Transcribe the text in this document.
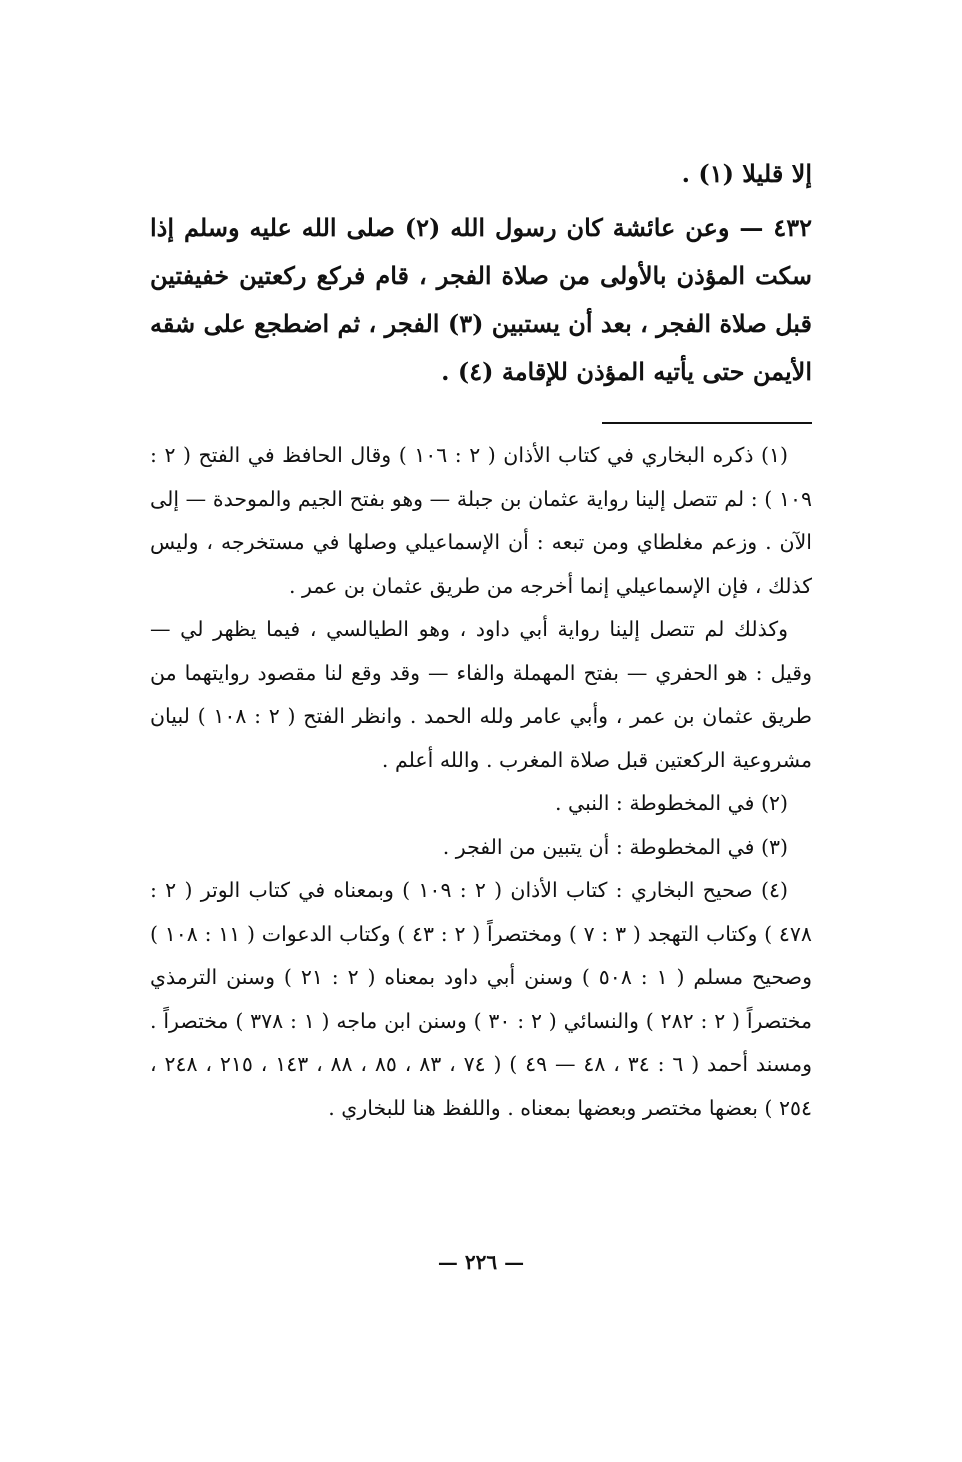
إلا قليلا (١) .

٤٣٢ — وعن عائشة كان رسول الله (٢) صلى الله عليه وسلم إذا سكت المؤذن بالأولى من صلاة الفجر ، قام فركع ركعتين خفيفتين قبل صلاة الفجر ، بعد أن يستبين (٣) الفجر ، ثم اضطجع على شقه الأيمن حتى يأتيه المؤذن للإقامة (٤) .

(١) ذكره البخاري في كتاب الأذان ( ٢ : ١٠٦ ) وقال الحافظ في الفتح ( ٢ : ١٠٩ ) : لم تتصل إلينا رواية عثمان بن جبلة — وهو بفتح الجيم والموحدة — إلى الآن . وزعم مغلطاي ومن تبعه : أن الإسماعيلي وصلها في مستخرجه ، وليس كذلك ، فإن الإسماعيلي إنما أخرجه من طريق عثمان بن عمر .

وكذلك لم تتصل إلينا رواية أبي داود ، وهو الطيالسي ، فيما يظهر لي — وقيل : هو الحفري — بفتح المهملة والفاء — وقد وقع لنا مقصود روايتهما من طريق عثمان بن عمر ، وأبي عامر ولله الحمد . وانظر الفتح ( ٢ : ١٠٨ ) لبيان مشروعية الركعتين قبل صلاة المغرب . والله أعلم .

(٢) في المخطوطة : النبي .

(٣) في المخطوطة : أن يتبين من الفجر .

(٤) صحيح البخاري : كتاب الأذان ( ٢ : ١٠٩ ) وبمعناه في كتاب الوتر ( ٢ : ٤٧٨ ) وكتاب التهجد ( ٣ : ٧ ) ومختصراً ( ٢ : ٤٣ ) وكتاب الدعوات ( ١١ : ١٠٨ ) وصحيح مسلم ( ١ : ٥٠٨ ) وسنن أبي داود بمعناه ( ٢ : ٢١ ) وسنن الترمذي مختصراً ( ٢ : ٢٨٢ ) والنسائي ( ٢ : ٣٠ ) وسنن ابن ماجه ( ١ : ٣٧٨ ) مختصراً . ومسند أحمد ( ٦ : ٣٤ ، ٤٨ — ٤٩ ) ( ٧٤ ، ٨٣ ، ٨٥ ، ٨٨ ، ١٤٣ ، ٢١٥ ، ٢٤٨ ، ٢٥٤ ) بعضها مختصر وبعضها بمعناه . واللفظ هنا للبخاري .

— ٢٢٦ —
